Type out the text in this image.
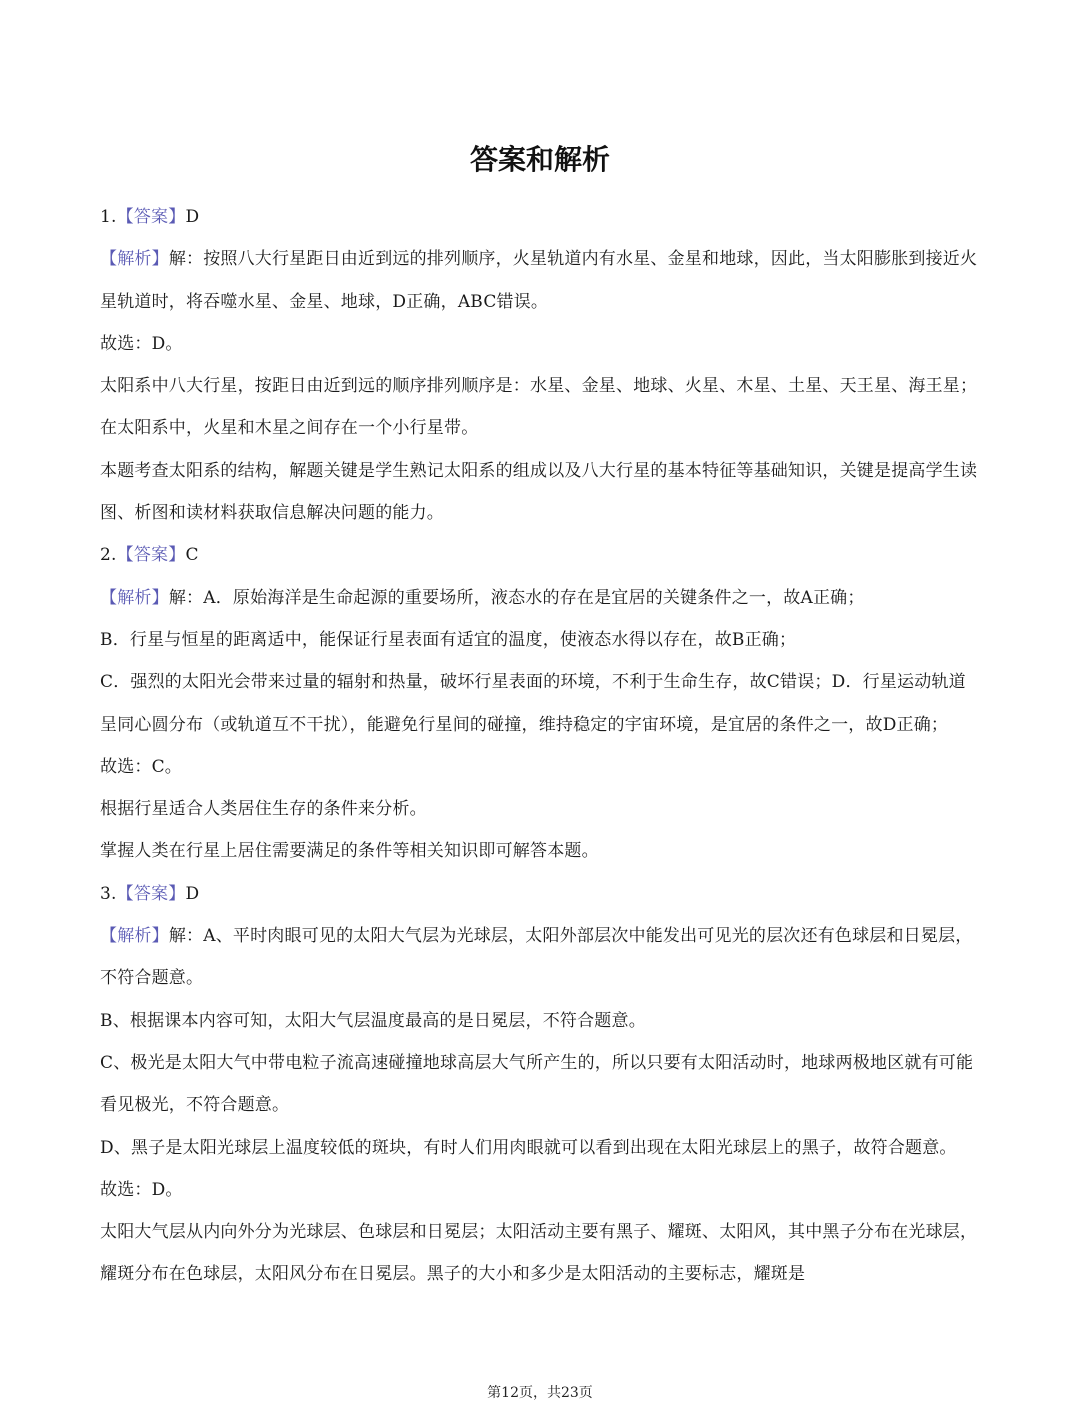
答案和解析

1.【答案】D

【解析】解：按照八大行星距日由近到远的排列顺序，火星轨道内有水星、金星和地球，因此，当太阳膨胀到接近火星轨道时，将吞噬水星、金星、地球，D正确，ABC错误。

故选：D。

太阳系中八大行星，按距日由近到远的顺序排列顺序是：水星、金星、地球、火星、木星、土星、天王星、海王星；在太阳系中，火星和木星之间存在一个小行星带。

本题考查太阳系的结构，解题关键是学生熟记太阳系的组成以及八大行星的基本特征等基础知识，关键是提高学生读图、析图和读材料获取信息解决问题的能力。

2.【答案】C

【解析】解：A．原始海洋是生命起源的重要场所，液态水的存在是宜居的关键条件之一，故A正确；

B．行星与恒星的距离适中，能保证行星表面有适宜的温度，使液态水得以存在，故B正确；

C．强烈的太阳光会带来过量的辐射和热量，破坏行星表面的环境，不利于生命生存，故C错误；D．行星运动轨道呈同心圆分布（或轨道互不干扰），能避免行星间的碰撞，维持稳定的宇宙环境，是宜居的条件之一，故D正确；

故选：C。

根据行星适合人类居住生存的条件来分析。

掌握人类在行星上居住需要满足的条件等相关知识即可解答本题。

3.【答案】D

【解析】解：A、平时肉眼可见的太阳大气层为光球层，太阳外部层次中能发出可见光的层次还有色球层和日冕层，不符合题意。

B、根据课本内容可知，太阳大气层温度最高的是日冕层，不符合题意。

C、极光是太阳大气中带电粒子流高速碰撞地球高层大气所产生的，所以只要有太阳活动时，地球两极地区就有可能看见极光，不符合题意。

D、黑子是太阳光球层上温度较低的斑块，有时人们用肉眼就可以看到出现在太阳光球层上的黑子，故符合题意。

故选：D。

太阳大气层从内向外分为光球层、色球层和日冕层；太阳活动主要有黑子、耀斑、太阳风，其中黑子分布在光球层，耀斑分布在色球层，太阳风分布在日冕层。黑子的大小和多少是太阳活动的主要标志，耀斑是

第12页，共23页
